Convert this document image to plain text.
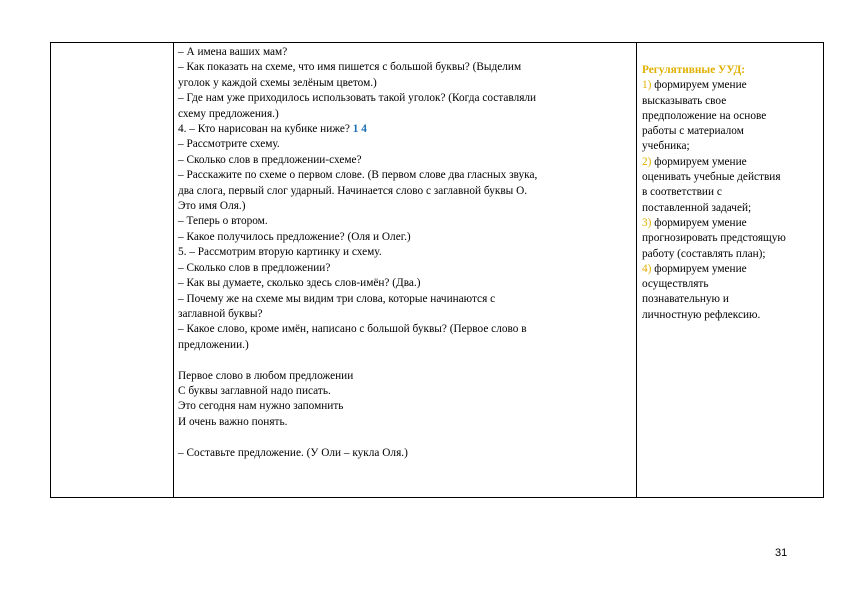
– А имена ваших мам?
– Как показать на схеме, что имя пишется с большой буквы? (Выделим
уголок у каждой схемы зелёным цветом.)
– Где нам уже приходилось использовать такой уголок? (Когда составляли
схему предложения.)
4. – Кто нарисован на кубике ниже? 1 4
– Рассмотрите схему.
– Сколько слов в предложении-схеме?
– Расскажите по схеме о первом слове. (В первом слове два гласных звука,
два слога, первый слог ударный. Начинается слово с заглавной буквы О.
Это имя Оля.)
– Теперь о втором.
– Какое получилось предложение? (Оля и Олег.)
5. – Рассмотрим вторую картинку и схему.
– Сколько слов в предложении?
– Как вы думаете, сколько здесь слов-имён? (Два.)
– Почему же на схеме мы видим три слова, которые начинаются с
заглавной буквы?
– Какое слово, кроме имён, написано с большой буквы? (Первое слово в
предложении.)
Первое слово в любом предложении
С буквы заглавной надо писать.
Это сегодня нам нужно запомнить
И очень важно понять.
– Составьте предложение. (У Оли – кукла Оля.)

Регулятивные УУД:
1) формируем умение
высказывать свое
предположение на основе
работы с материалом
учебника;
2) формируем умение
оценивать учебные действия
в соответствии с
поставленной задачей;
3) формируем умение
прогнозировать предстоящую
работу (составлять план);
4) формируем умение
осуществлять
познавательную и
личностную рефлексию.
31
